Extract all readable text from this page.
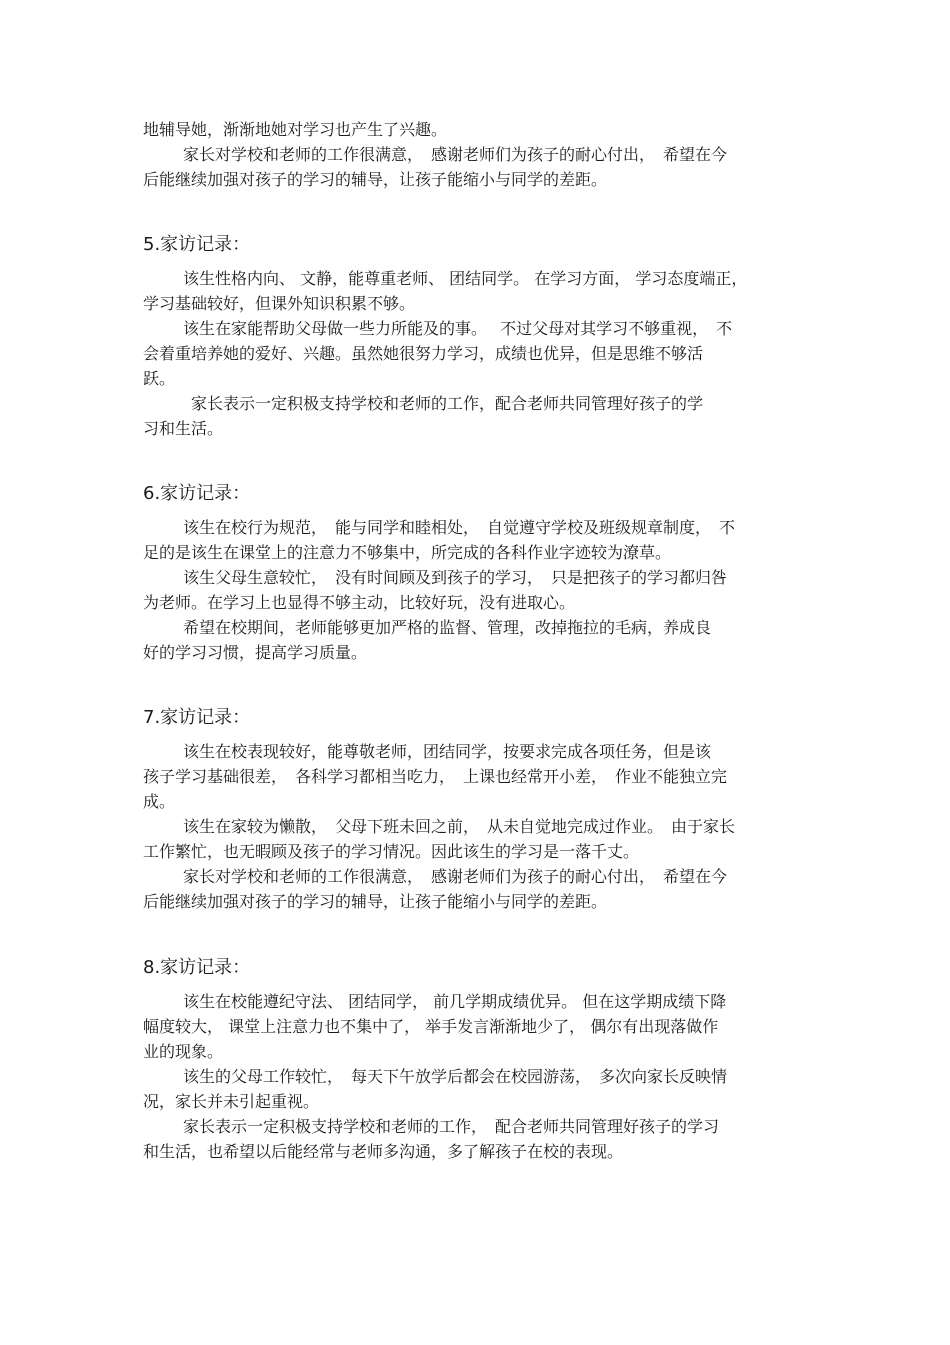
地辅导她，渐渐地她对学习也产生了兴趣。
家长对学校和老师的工作很满意，　感谢老师们为孩子的耐心付出，　希望在今
后能继续加强对孩子的学习的辅导，让孩子能缩小与同学的差距。
5.家访记录：
该生性格内向、 文静，能尊重老师、 团结同学。 在学习方面， 学习态度端正，
学习基础较好，但课外知识积累不够。
该生在家能帮助父母做一些力所能及的事。　 不过父母对其学习不够重视，　不
会着重培养她的爱好、兴趣。虽然她很努力学习，成绩也优异，但是思维不够活
跃。
家长表示一定积极支持学校和老师的工作，配合老师共同管理好孩子的学
习和生活。
6.家访记录：
该生在校行为规范，　能与同学和睦相处，　自觉遵守学校及班级规章制度，　不
足的是该生在课堂上的注意力不够集中，所完成的各科作业字迹较为潦草。
该生父母生意较忙，　没有时间顾及到孩子的学习，　只是把孩子的学习都归咎
为老师。在学习上也显得不够主动，比较好玩，没有进取心。
希望在校期间，老师能够更加严格的监督、管理，改掉拖拉的毛病，养成良
好的学习习惯，提高学习质量。
7.家访记录：
该生在校表现较好，能尊敬老师，团结同学，按要求完成各项任务，但是该
孩子学习基础很差，　各科学习都相当吃力，　上课也经常开小差，　作业不能独立完
成。
该生在家较为懒散，　父母下班未回之前，　从未自觉地完成过作业。　由于家长
工作繁忙，也无暇顾及孩子的学习情况。因此该生的学习是一落千丈。
家长对学校和老师的工作很满意，　感谢老师们为孩子的耐心付出，　希望在今
后能继续加强对孩子的学习的辅导，让孩子能缩小与同学的差距。
8.家访记录：
该生在校能遵纪守法、 团结同学， 前几学期成绩优异。 但在这学期成绩下降
幅度较大， 课堂上注意力也不集中了， 举手发言渐渐地少了， 偶尔有出现落做作
业的现象。
该生的父母工作较忙，　每天下午放学后都会在校园游荡，　多次向家长反映情
况，家长并未引起重视。
家长表示一定积极支持学校和老师的工作，　配合老师共同管理好孩子的学习
和生活，也希望以后能经常与老师多沟通，多了解孩子在校的表现。
